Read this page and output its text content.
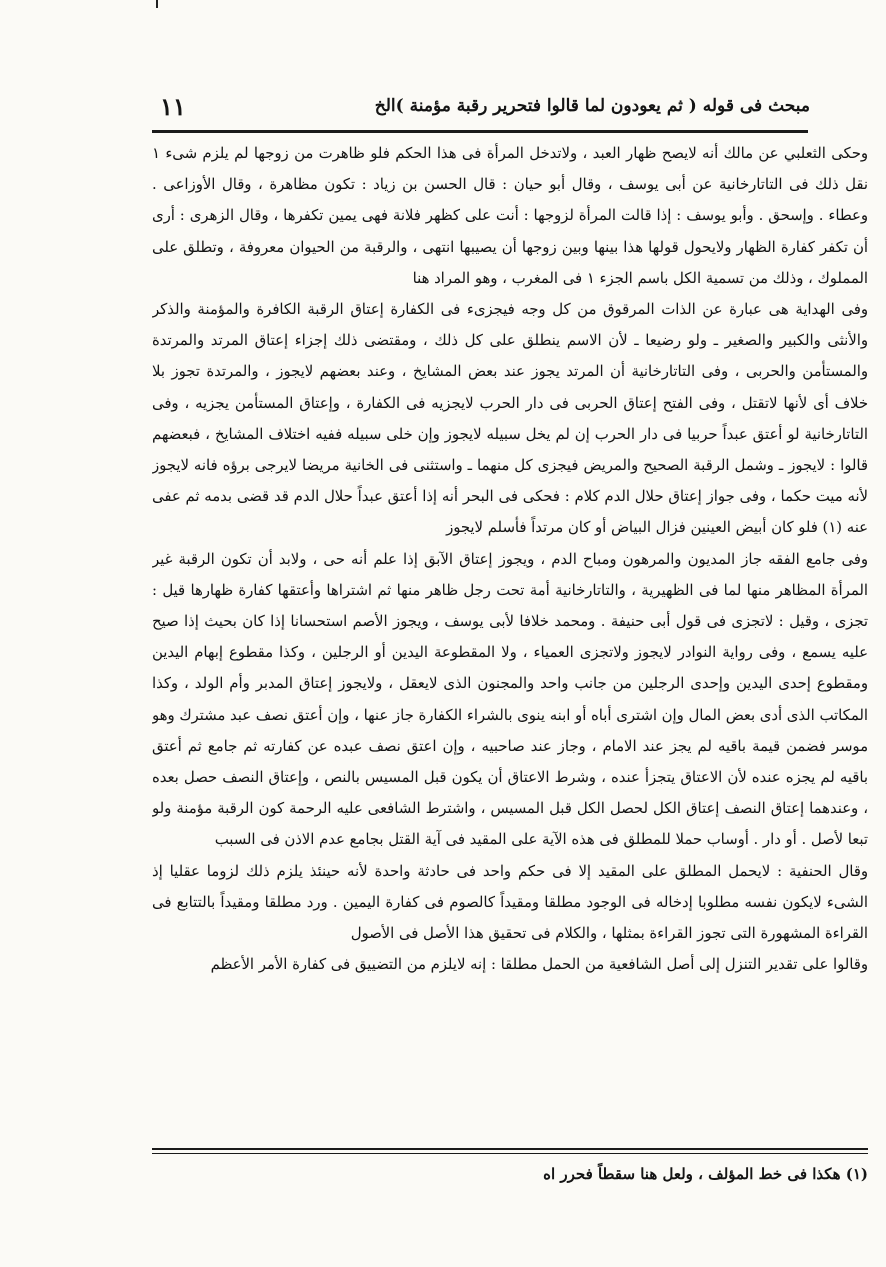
مبحث فى قوله ( ثم يعودون لما قالوا فتحرير رقبة مؤمنة )الخ
١١

وحكى الثعلبي عن مالك أنه لايصح ظهار العبد ، ولاتدخل المرأة فى هذا الحكم فلو ظاهرت من زوجها لم يلزم شىء ١ نقل ذلك فى التاتارخانية عن أبى يوسف ، وقال أبو حيان : قال الحسن بن زياد : تكون مظاهرة ، وقال الأوزاعى . وعطاء . وإسحق . وأبو يوسف : إذا قالت المرأة لزوجها : أنت على كظهر فلانة فهى يمين تكفرها ، وقال الزهرى : أرى أن تكفر كفارة الظهار ولايحول قولها هذا بينها وبين زوجها أن يصيبها انتهى ، والرقبة من الحيوان معروفة ، وتطلق على المملوك ، وذلك من تسمية الكل باسم الجزء ١ فى المغرب ، وهو المراد هنا

وفى الهداية هى عبارة عن الذات المرقوق من كل وجه فيجزىء فى الكفارة إعتاق الرقبة الكافرة والمؤمنة والذكر والأنثى والكبير والصغير ـ ولو رضيعا ـ لأن الاسم ينطلق على كل ذلك ، ومقتضى ذلك إجزاء إعتاق المرتد والمرتدة والمستأمن والحربى ، وفى التاتارخانية أن المرتد يجوز عند بعض المشايخ ، وعند بعضهم لايجوز ، والمرتدة تجوز بلا خلاف أى لأنها لاتقتل ، وفى الفتح إعتاق الحربى فى دار الحرب لايجزيه فى الكفارة ، وإعتاق المستأمن يجزيه ، وفى التاتارخانية لو أعتق عبداً حربيا فى دار الحرب إن لم يخل سبيله لايجوز وإن خلى سبيله ففيه اختلاف المشايخ ، فبعضهم قالوا : لايجوز ـ وشمل الرقبة الصحيح والمريض فيجزى كل منهما ـ واستثنى فى الخانية مريضا لايرجى برؤه فانه لايجوز لأنه ميت حكما ، وفى جواز إعتاق حلال الدم كلام : فحكى فى البحر أنه إذا أعتق عبداً حلال الدم قد قضى بدمه ثم عفى عنه (١) فلو كان أبيض العينين فزال البياض أو كان مرتداً فأسلم لايجوز

وفى جامع الفقه جاز المديون والمرهون ومباح الدم ، ويجوز إعتاق الآبق إذا علم أنه حى ، ولابد أن تكون الرقبة غير المرأة المظاهر منها لما فى الظهيرية ، والتاتارخانية أمة تحت رجل ظاهر منها ثم اشتراها وأعتقها كفارة ظهارها قيل : تجزى ، وقيل : لاتجزى فى قول أبى حنيفة . ومحمد خلافا لأبى يوسف ، ويجوز الأصم استحسانا إذا كان بحيث إذا صيح عليه يسمع ، وفى رواية النوادر لايجوز ولاتجزى العمياء ، ولا المقطوعة اليدين أو الرجلين ، وكذا مقطوع إبهام اليدين ومقطوع إحدى اليدين وإحدى الرجلين من جانب واحد والمجنون الذى لايعقل ، ولايجوز إعتاق المدبر وأم الولد ، وكذا المكاتب الذى أدى بعض المال وإن اشترى أباه أو ابنه ينوى بالشراء الكفارة جاز عنها ، وإن أعتق نصف عبد مشترك وهو موسر فضمن قيمة باقيه لم يجز عند الامام ، وجاز عند صاحبيه ، وإن اعتق نصف عبده عن كفارته ثم جامع ثم أعتق باقيه لم يجزه عنده لأن الاعتاق يتجزأ عنده ، وشرط الاعتاق أن يكون قبل المسيس بالنص ، وإعتاق النصف حصل بعده ، وعندهما إعتاق النصف إعتاق الكل لحصل الكل قبل المسيس ، واشترط الشافعى عليه الرحمة كون الرقبة مؤمنة ولو تبعا لأصل . أو دار . أوساب حملا للمطلق فى هذه الآية على المقيد فى آية القتل بجامع عدم الاذن فى السبب

وقال الحنفية : لايحمل المطلق على المقيد إلا فى حكم واحد فى حادثة واحدة لأنه حينئذ يلزم ذلك لزوما عقليا إذ الشىء لايكون نفسه مطلوبا إدخاله فى الوجود مطلقا ومقيداً كالصوم فى كفارة اليمين . ورد مطلقا ومقيداً بالتتابع فى القراءة المشهورة التى تجوز القراءة بمثلها ، والكلام فى تحقيق هذا الأصل فى الأصول

وقالوا على تقدير التنزل إلى أصل الشافعية من الحمل مطلقا : إنه لايلزم من التضييق فى كفارة الأمر الأعظم

(١) هكذا فى خط المؤلف ، ولعل هنا سقطاً فحرر اه
